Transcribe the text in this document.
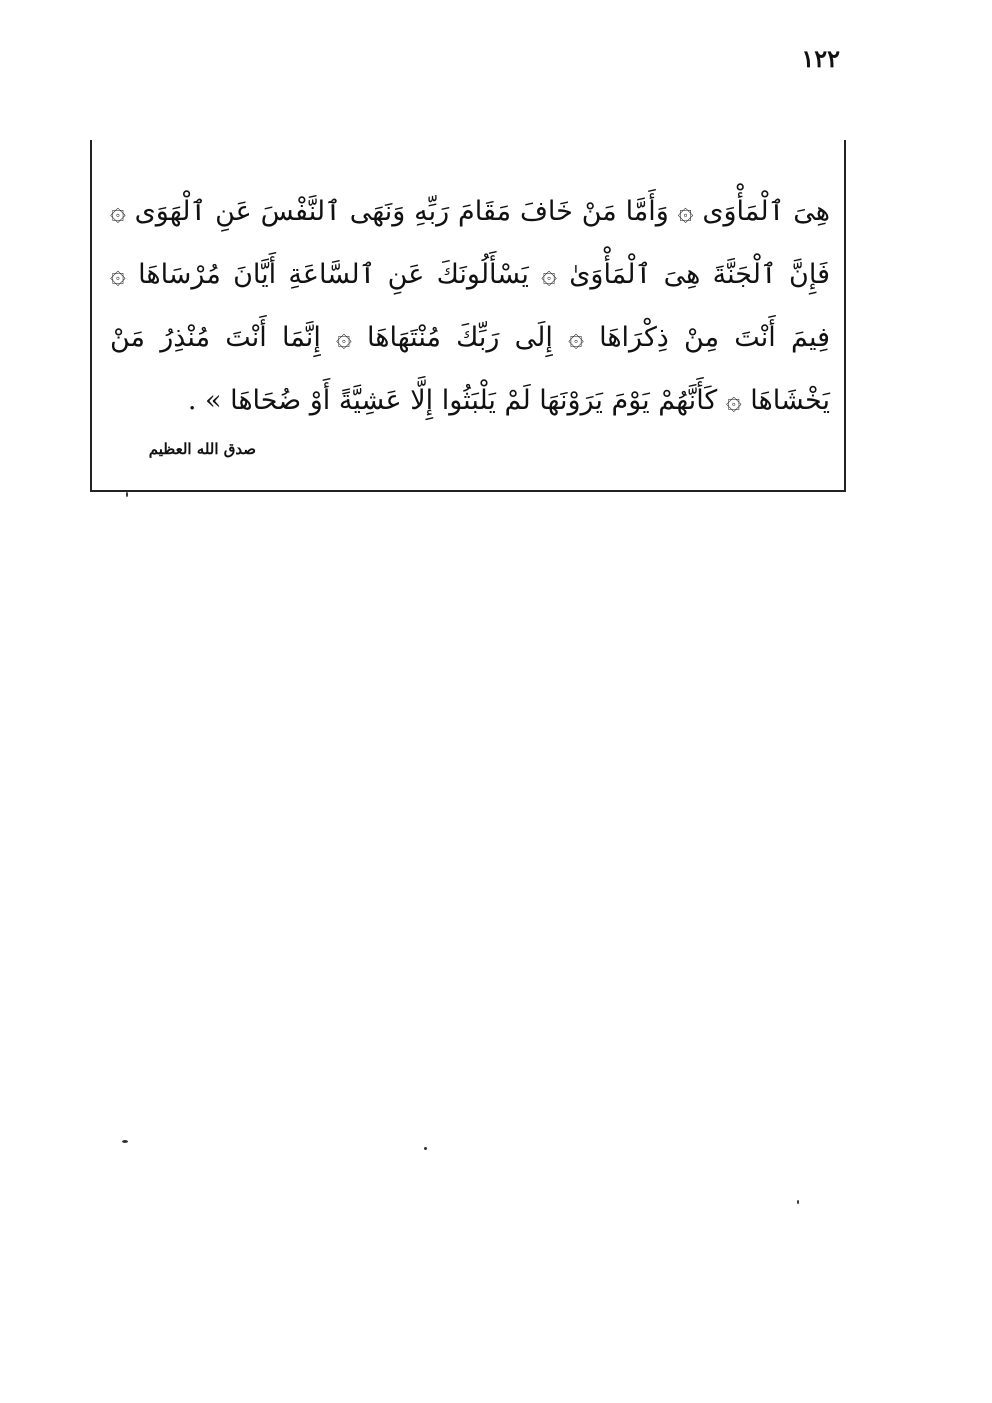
١٢٢

هِىَ ٱلْمَأْوَى ۞ وَأَمَّا مَنْ خَافَ مَقَامَ رَبِّهِ وَنَهَى ٱلنَّفْسَ عَنِ ٱلْهَوَى ۞ فَإِنَّ ٱلْجَنَّةَ هِىَ ٱلْمَأْوَىٰ ۞ يَسْأَلُونَكَ عَنِ ٱلسَّاعَةِ أَيَّانَ مُرْسَاهَا ۞ فِيمَ أَنْتَ مِنْ ذِكْرَاهَا ۞ إِلَى رَبِّكَ مُنْتَهَاهَا ۞ إِنَّمَا أَنْتَ مُنْذِرُ مَنْ يَخْشَاهَا ۞ كَأَنَّهُمْ يَوْمَ يَرَوْنَهَا لَمْ يَلْبَثُوا إِلَّا عَشِيَّةً أَوْ ضُحَاهَا » .

صدق الله العظيم
